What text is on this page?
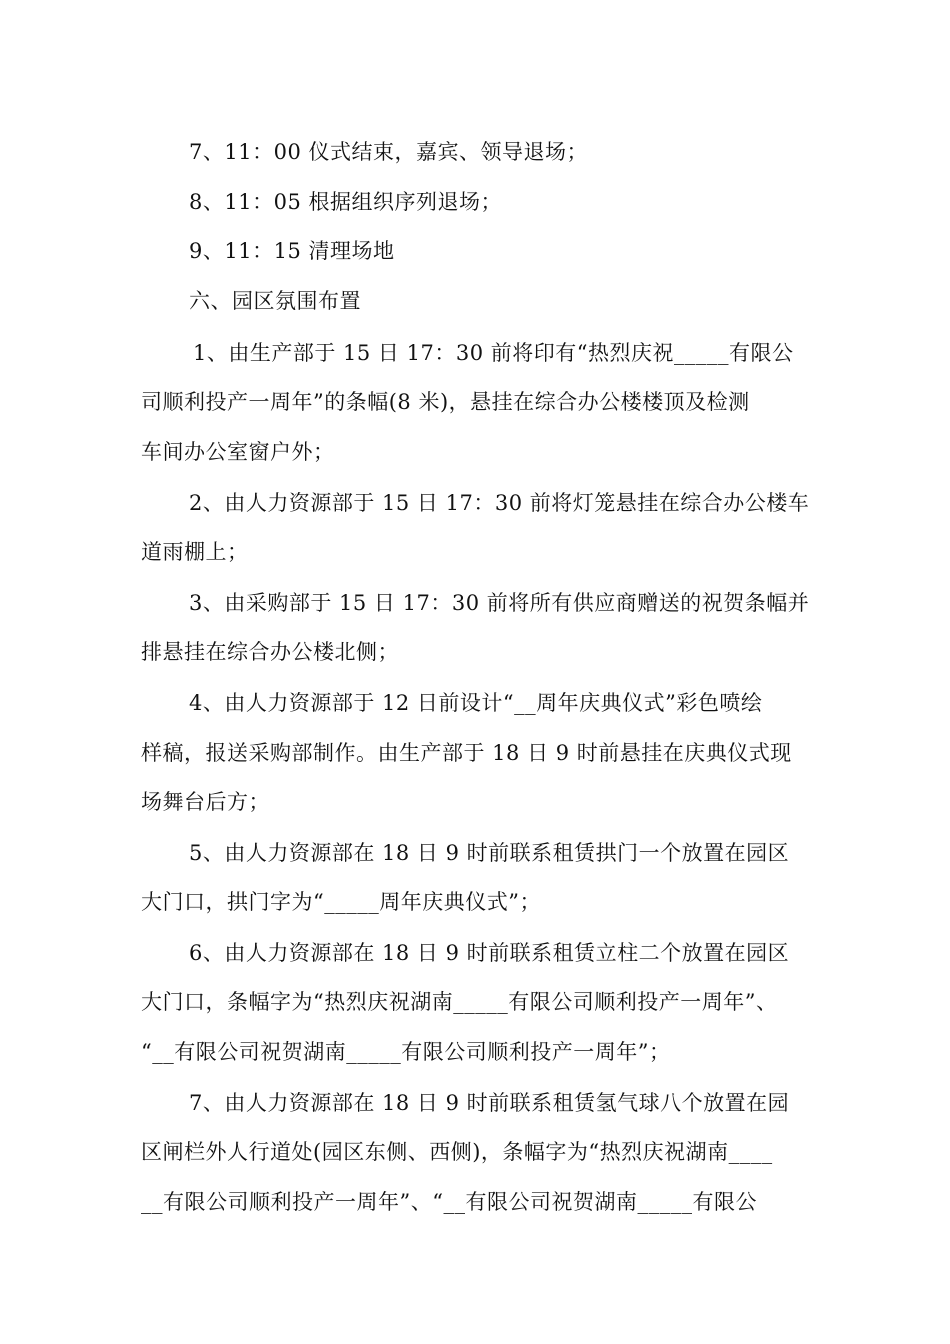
7、11：00 仪式结束，嘉宾、领导退场；
8、11：05 根据组织序列退场；
9、11：15 清理场地
六、园区氛围布置
1、由生产部于 15 日 17：30 前将印有“热烈庆祝_____有限公
司顺利投产一周年”的条幅(8 米)，悬挂在综合办公楼楼顶及检测
车间办公室窗户外；
2、由人力资源部于 15 日 17：30 前将灯笼悬挂在综合办公楼车
道雨棚上；
3、由采购部于 15 日 17：30 前将所有供应商赠送的祝贺条幅并
排悬挂在综合办公楼北侧；
4、由人力资源部于 12 日前设计“__周年庆典仪式”彩色喷绘
样稿，报送采购部制作。由生产部于 18 日 9 时前悬挂在庆典仪式现
场舞台后方；
5、由人力资源部在 18 日 9 时前联系租赁拱门一个放置在园区
大门口，拱门字为“_____周年庆典仪式”；
6、由人力资源部在 18 日 9 时前联系租赁立柱二个放置在园区
大门口，条幅字为“热烈庆祝湖南_____有限公司顺利投产一周年”、
“__有限公司祝贺湖南_____有限公司顺利投产一周年”；
7、由人力资源部在 18 日 9 时前联系租赁氢气球八个放置在园
区闸栏外人行道处(园区东侧、西侧)，条幅字为“热烈庆祝湖南____
__有限公司顺利投产一周年”、“__有限公司祝贺湖南_____有限公
